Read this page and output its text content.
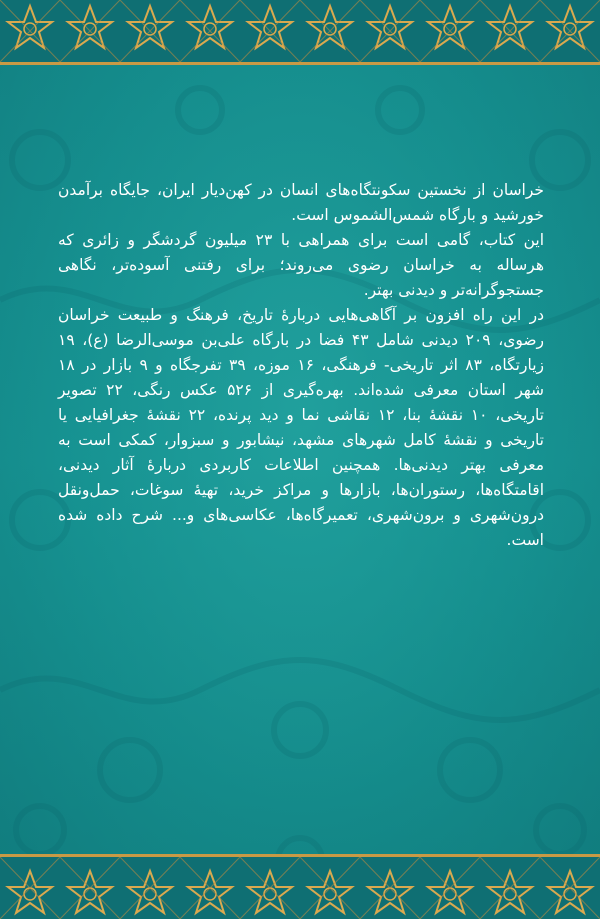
خراسان از نخستین سکونتگاه‌های انسان در کهن‌دیار ایران، جایگاه برآمدن خورشید و بارگاه شمس‌الشموس است.

این کتاب، گامی است برای همراهی با ۲۳ میلیون گردشگر و زائری که هرساله به خراسان رضوی می‌روند؛ برای رفتنی آسوده‌تر، نگاهی جستجوگرانه‌تر و دیدنی بهتر.

در این راه افزون بر آگاهی‌هایی دربارهٔ تاریخ، فرهنگ و طبیعت خراسان رضوی، ۲۰۹ دیدنی شامل ۴۳ فضا در بارگاه علی‌بن موسی‌الرضا (ع)، ۱۹ زیارتگاه، ۸۳ اثر تاریخی- فرهنگی، ۱۶ موزه، ۳۹ تفرجگاه و ۹ بازار در ۱۸ شهر استان معرفی شده‌اند. بهره‌گیری از ۵۲۶ عکس رنگی، ۲۲ تصویر تاریخی، ۱۰ نقشهٔ بنا، ۱۲ نقاشی نما و دید پرنده، ۲۲ نقشهٔ جغرافیایی یا تاریخی و نقشهٔ کامل شهرهای مشهد، نیشابور و سبزوار، کمکی است به معرفی بهتر دیدنی‌ها. همچنین اطلاعات کاربردی دربارهٔ آثار دیدنی، اقامتگاه‌ها، رستوران‌ها، بازارها و مراکز خرید، تهیهٔ سوغات، حمل‌ونقل درون‌شهری و برون‌شهری، تعمیرگاه‌ها، عکاسی‌های و... شرح داده شده است.
